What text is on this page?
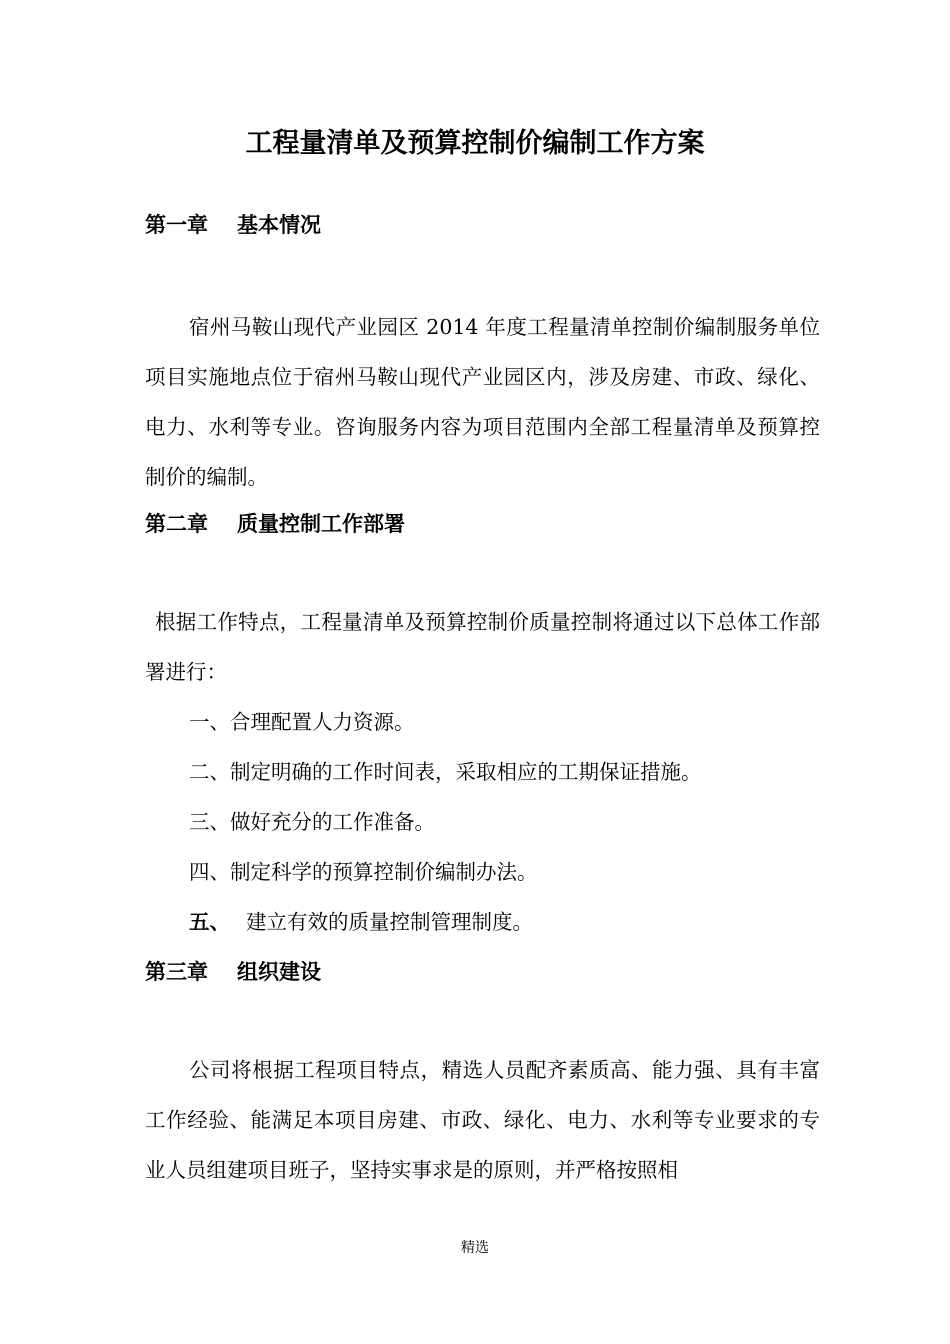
工程量清单及预算控制价编制工作方案
第一章 基本情况
宿州马鞍山现代产业园区 2014 年度工程量清单控制价编制服务单位项目实施地点位于宿州马鞍山现代产业园区内，涉及房建、市政、绿化、电力、水利等专业。咨询服务内容为项目范围内全部工程量清单及预算控制价的编制。
第二章 质量控制工作部署
根据工作特点，工程量清单及预算控制价质量控制将通过以下总体工作部署进行：
一、合理配置人力资源。
二、制定明确的工作时间表，采取相应的工期保证措施。
三、做好充分的工作准备。
四、制定科学的预算控制价编制办法。
五、 建立有效的质量控制管理制度。
第三章 组织建设
公司将根据工程项目特点，精选人员配齐素质高、能力强、具有丰富工作经验、能满足本项目房建、市政、绿化、电力、水利等专业要求的专业人员组建项目班子，坚持实事求是的原则，并严格按照相
精选
